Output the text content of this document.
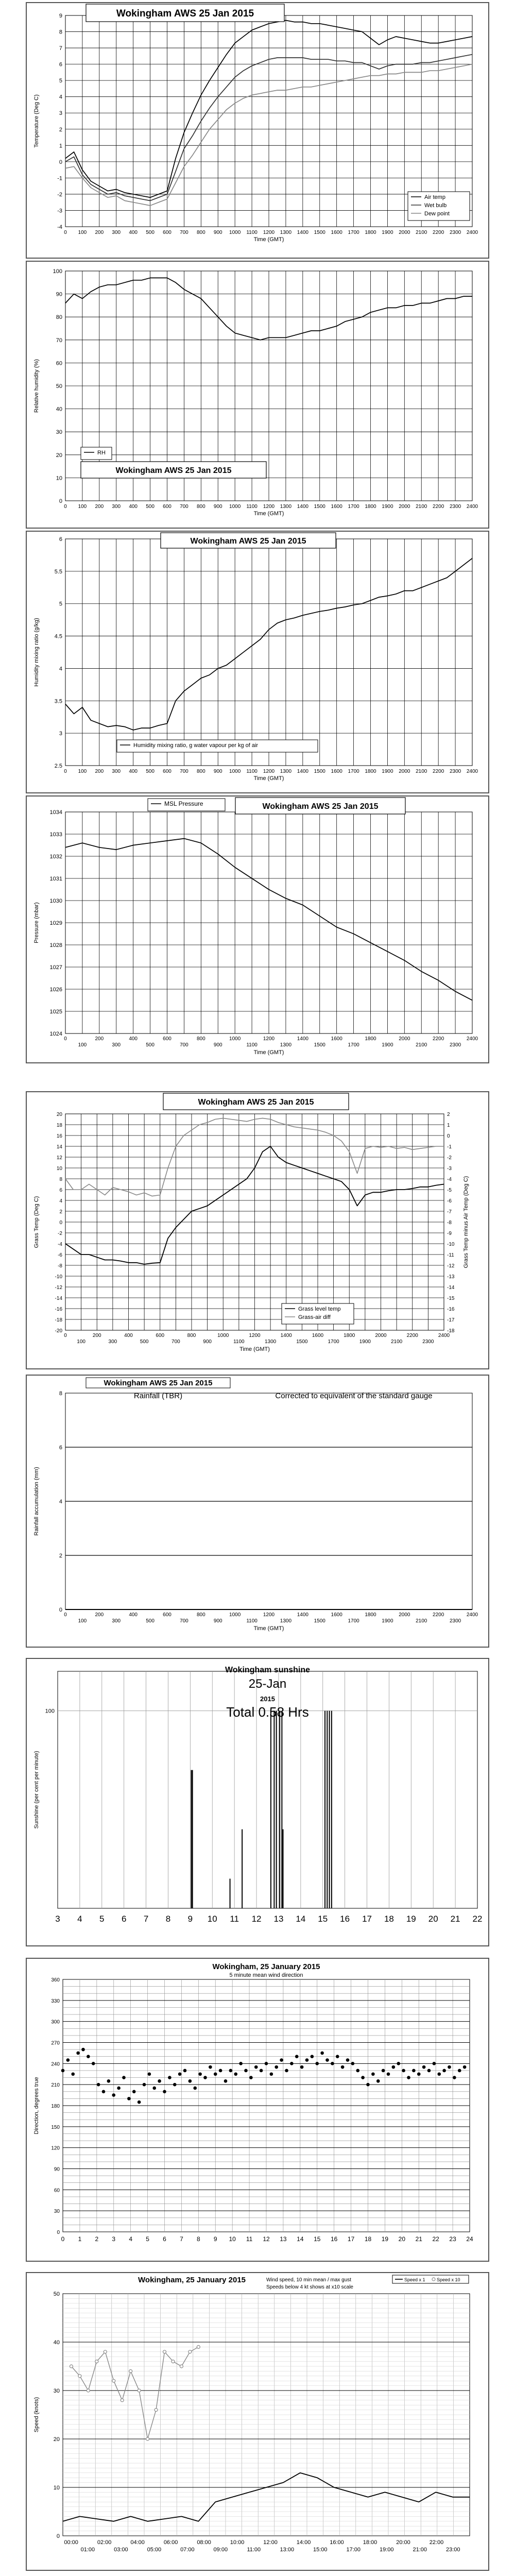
-4
-3
-2
-1
0
1
2
3
4
5
6
7
8
9
0 100 200 300 400 500 600 700 800 900 1000 1100 1200 1300 1400 1500 1600 1700 1800 1900 2000 2100 2200 2300 2400
Time (GMT)
Temperature (Deg C)
Air temp
Wet bulb
Dew point
Wokingham AWS 25 Jan 2015
0
10
20
30
40
50
60
70
80
90
100
0 100 200 300 400 500 600 700 800 900 1000 1100 1200 1300 1400 1500 1600 1700 1800 1900 2000 2100 2200 2300 2400
Time (GMT)
Relative humidity (%)
RH
Wokingham AWS 25 Jan 2015
2.5
3
3.5
4
4.5
5
5.5
6
0 100 200 300 400 500 600 700 800 900 1000 1100 1200 1300 1400 1500 1600 1700 1800 1900 2000 2100 2200 2300 2400
Time (GMT)
Humidity mixing ratio (g/kg)
Humidity mixing ratio, g water vapour per kg of air
Wokingham AWS 25 Jan 2015
1024
1025
1026
1027
1028
1029
1030
1031
1032
1033
1034
0
100
200
300
400
500
600
700
800
900
1000
1100
1200
1300
1400
1500
1600
1700
1800
1900
2000
2100
2200
2300
2400
Time (GMT)
Pressure (mbar)
MSL Pressure	Wokingham AWS 25 Jan 2015
-20
-18
-16
-14
-12
-10
-8
-6
-4
-2
0
2
4
6
8
10
12
14
16
18
20
-18
-17
-16
-15
-14
-13
-12
-11
-10
-9
-8
-7
-6
-5
-4
-3
-2
-1
0
1
2
0
100
200
300
400
500
600
700
800
900
1000
1100
1200
1300
1400
1500
1600
1700
1800
1900
2000
2100
2200
2300
2400
Time (GMT)
Grass Temp (Deg C)	Grass Temp minus Air Temp (Deg C)
Grass level temp
Grass-air diff
Wokingham AWS 25 Jan 2015
0
2
4
6
8
0
100
200
300
400
500
600
700
800
900
1000
1100
1200
1300
1400
1500
1600
1700
1800
1900
2000
2100
2200
2300
2400
Time (GMT)
Rainfall accumulation (mm)
Wokingham AWS 25 Jan 2015
Rainfall (TBR)	Corrected to equivalent of the standard gauge
100
3 4 5 6 7 8 9 10 11 12 13 14 15 16 17 18 19 20 21 22
Sunshine (per cent per minute)
Wokingham sunshine
25-Jan
2015
Total 0.58 Hrs
0
30
60
90
120
150
180
210
240
270
300
330
360
0 1 2 3 4 5 6 7 8 9 10 11 12 13 14 15 16 17 18 19 20 21 22 23 24
Direction, degrees true
Wokingham, 25 January 2015
5 minute mean wind direction
0
10
20
30
40
50
00:00
01:00
02:00
03:00
04:00
05:00
06:00
07:00
08:00
09:00
10:00
11:00
12:00
13:00
14:00
15:00
16:00
17:00
18:00
19:00
20:00
21:00
22:00
23:00
Speed (knots)
Wokingham, 25 January 2015	Wind speed, 10 min mean / max gust
Speeds below 4 kt shows at x10 scale
Speed x 1 Speed x 10
